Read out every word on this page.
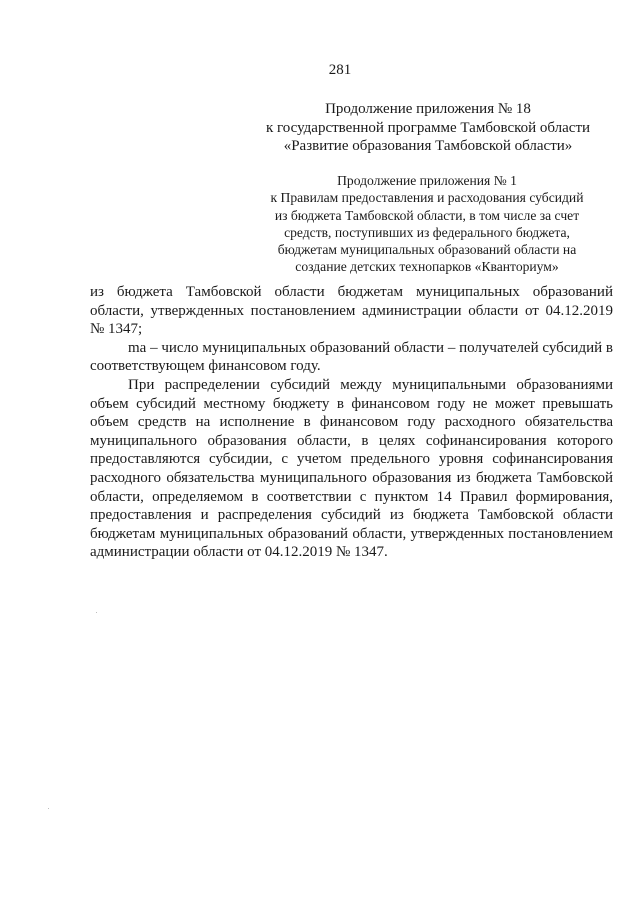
281
Продолжение приложения № 18
к государственной программе Тамбовской области
«Развитие образования Тамбовской области»
Продолжение приложения № 1
к Правилам предоставления и расходования субсидий
из бюджета Тамбовской области, в том числе за счет
средств, поступивших из федерального бюджета,
бюджетам муниципальных образований области на
создание детских технопарков «Кванториум»

из бюджета Тамбовской области бюджетам муниципальных образований области, утвержденных постановлением администрации области от 04.12.2019 № 1347;

ma – число муниципальных образований области – получателей субсидий в соответствующем финансовом году.

При распределении субсидий между муниципальными образованиями объем субсидий местному бюджету в финансовом году не может превышать объем средств на исполнение в финансовом году расходного обязательства муниципального образования области, в целях софинансирования которого предоставляются субсидии, с учетом предельного уровня софинансирования расходного обязательства муниципального образования из бюджета Тамбовской области, определяемом в соответствии с пунктом 14 Правил формирования, предоставления и распределения субсидий из бюджета Тамбовской области бюджетам муниципальных образований области, утвержденных постановлением администрации области от 04.12.2019 № 1347.
